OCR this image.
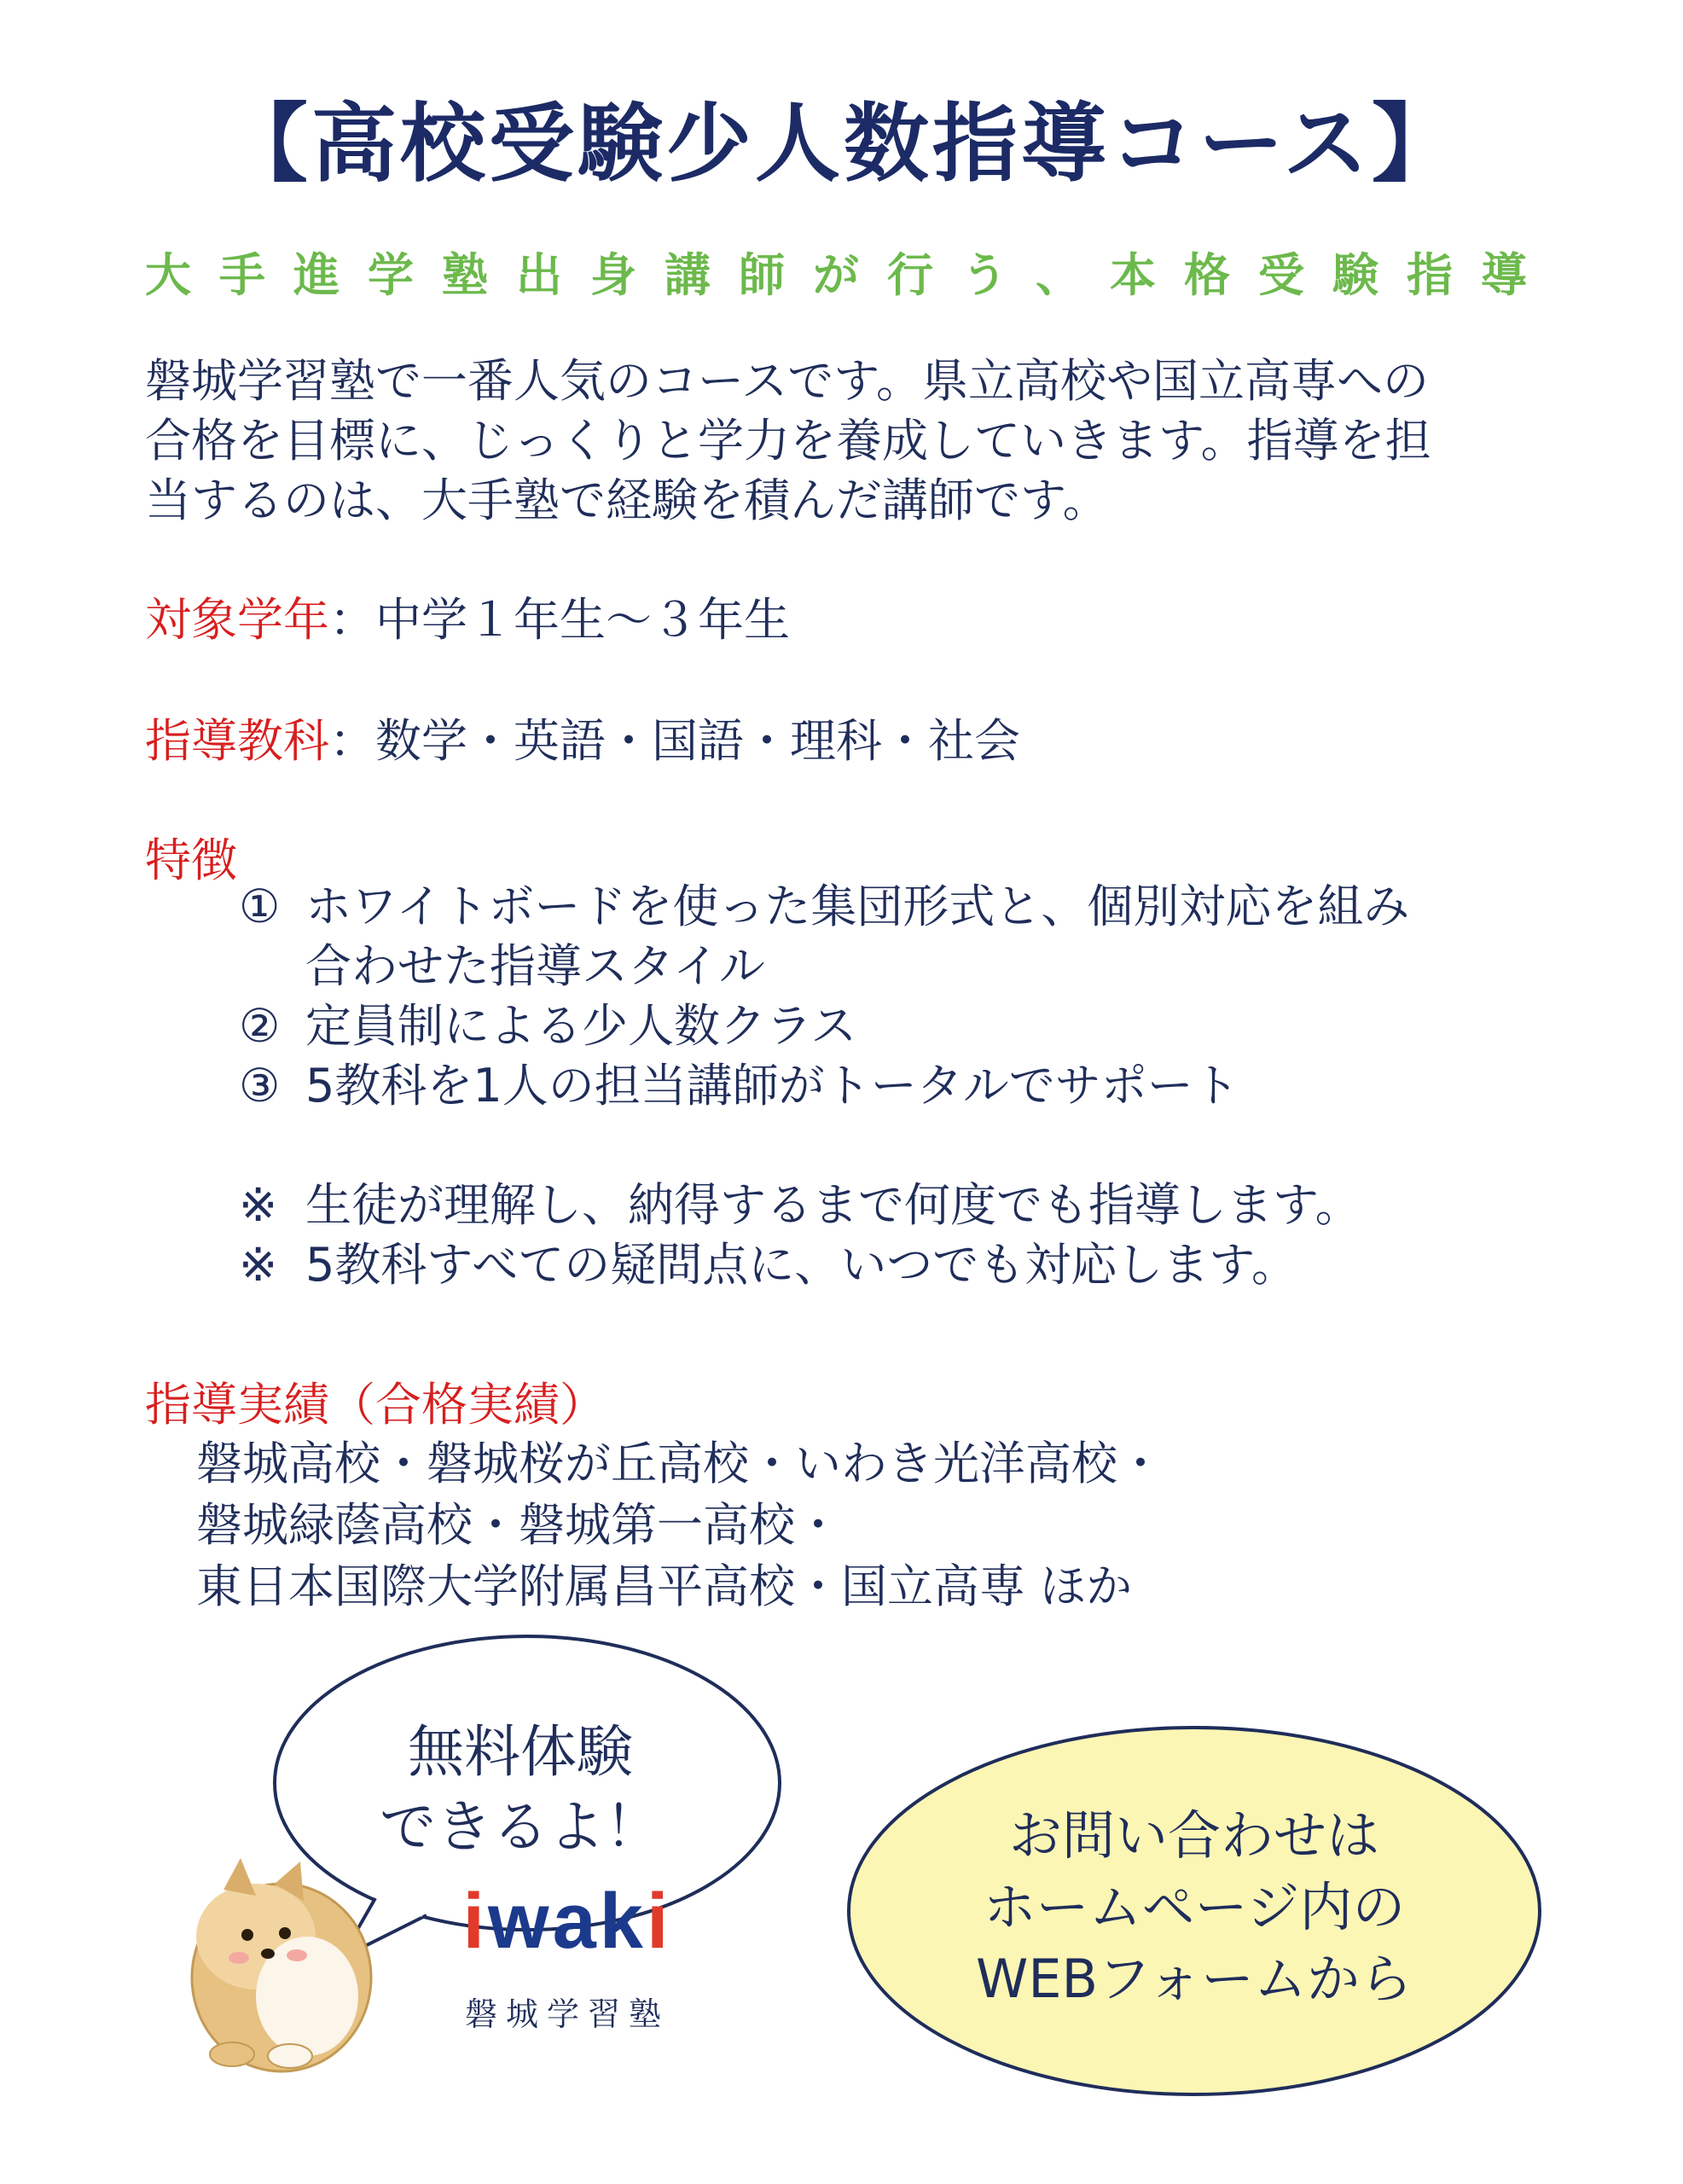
【高校受験少人数指導コース】
大手進学塾出身講師が行う、本格受験指導
磐城学習塾で一番人気のコースです。県立高校や国立高専への
合格を目標に、じっくりと学力を養成していきます。指導を担
当するのは、大手塾で経験を積んだ講師です。
対象学年：中学１年生〜３年生
指導教科：数学・英語・国語・理科・社会
特徴
① ホワイトボードを使った集団形式と、個別対応を組み
合わせた指導スタイル
② 定員制による少人数クラス
③ 5教科を1人の担当講師がトータルでサポート
※ 生徒が理解し、納得するまで何度でも指導します。
※ 5教科すべての疑問点に、いつでも対応します。
指導実績（合格実績）
磐城高校・磐城桜が丘高校・いわき光洋高校・
磐城緑蔭高校・磐城第一高校・
東日本国際大学附属昌平高校・国立高専 ほか
無料体験
できるよ！	お問い合わせは
ホームページ内の
WEBフォームから
iwaki
磐城学習塾
